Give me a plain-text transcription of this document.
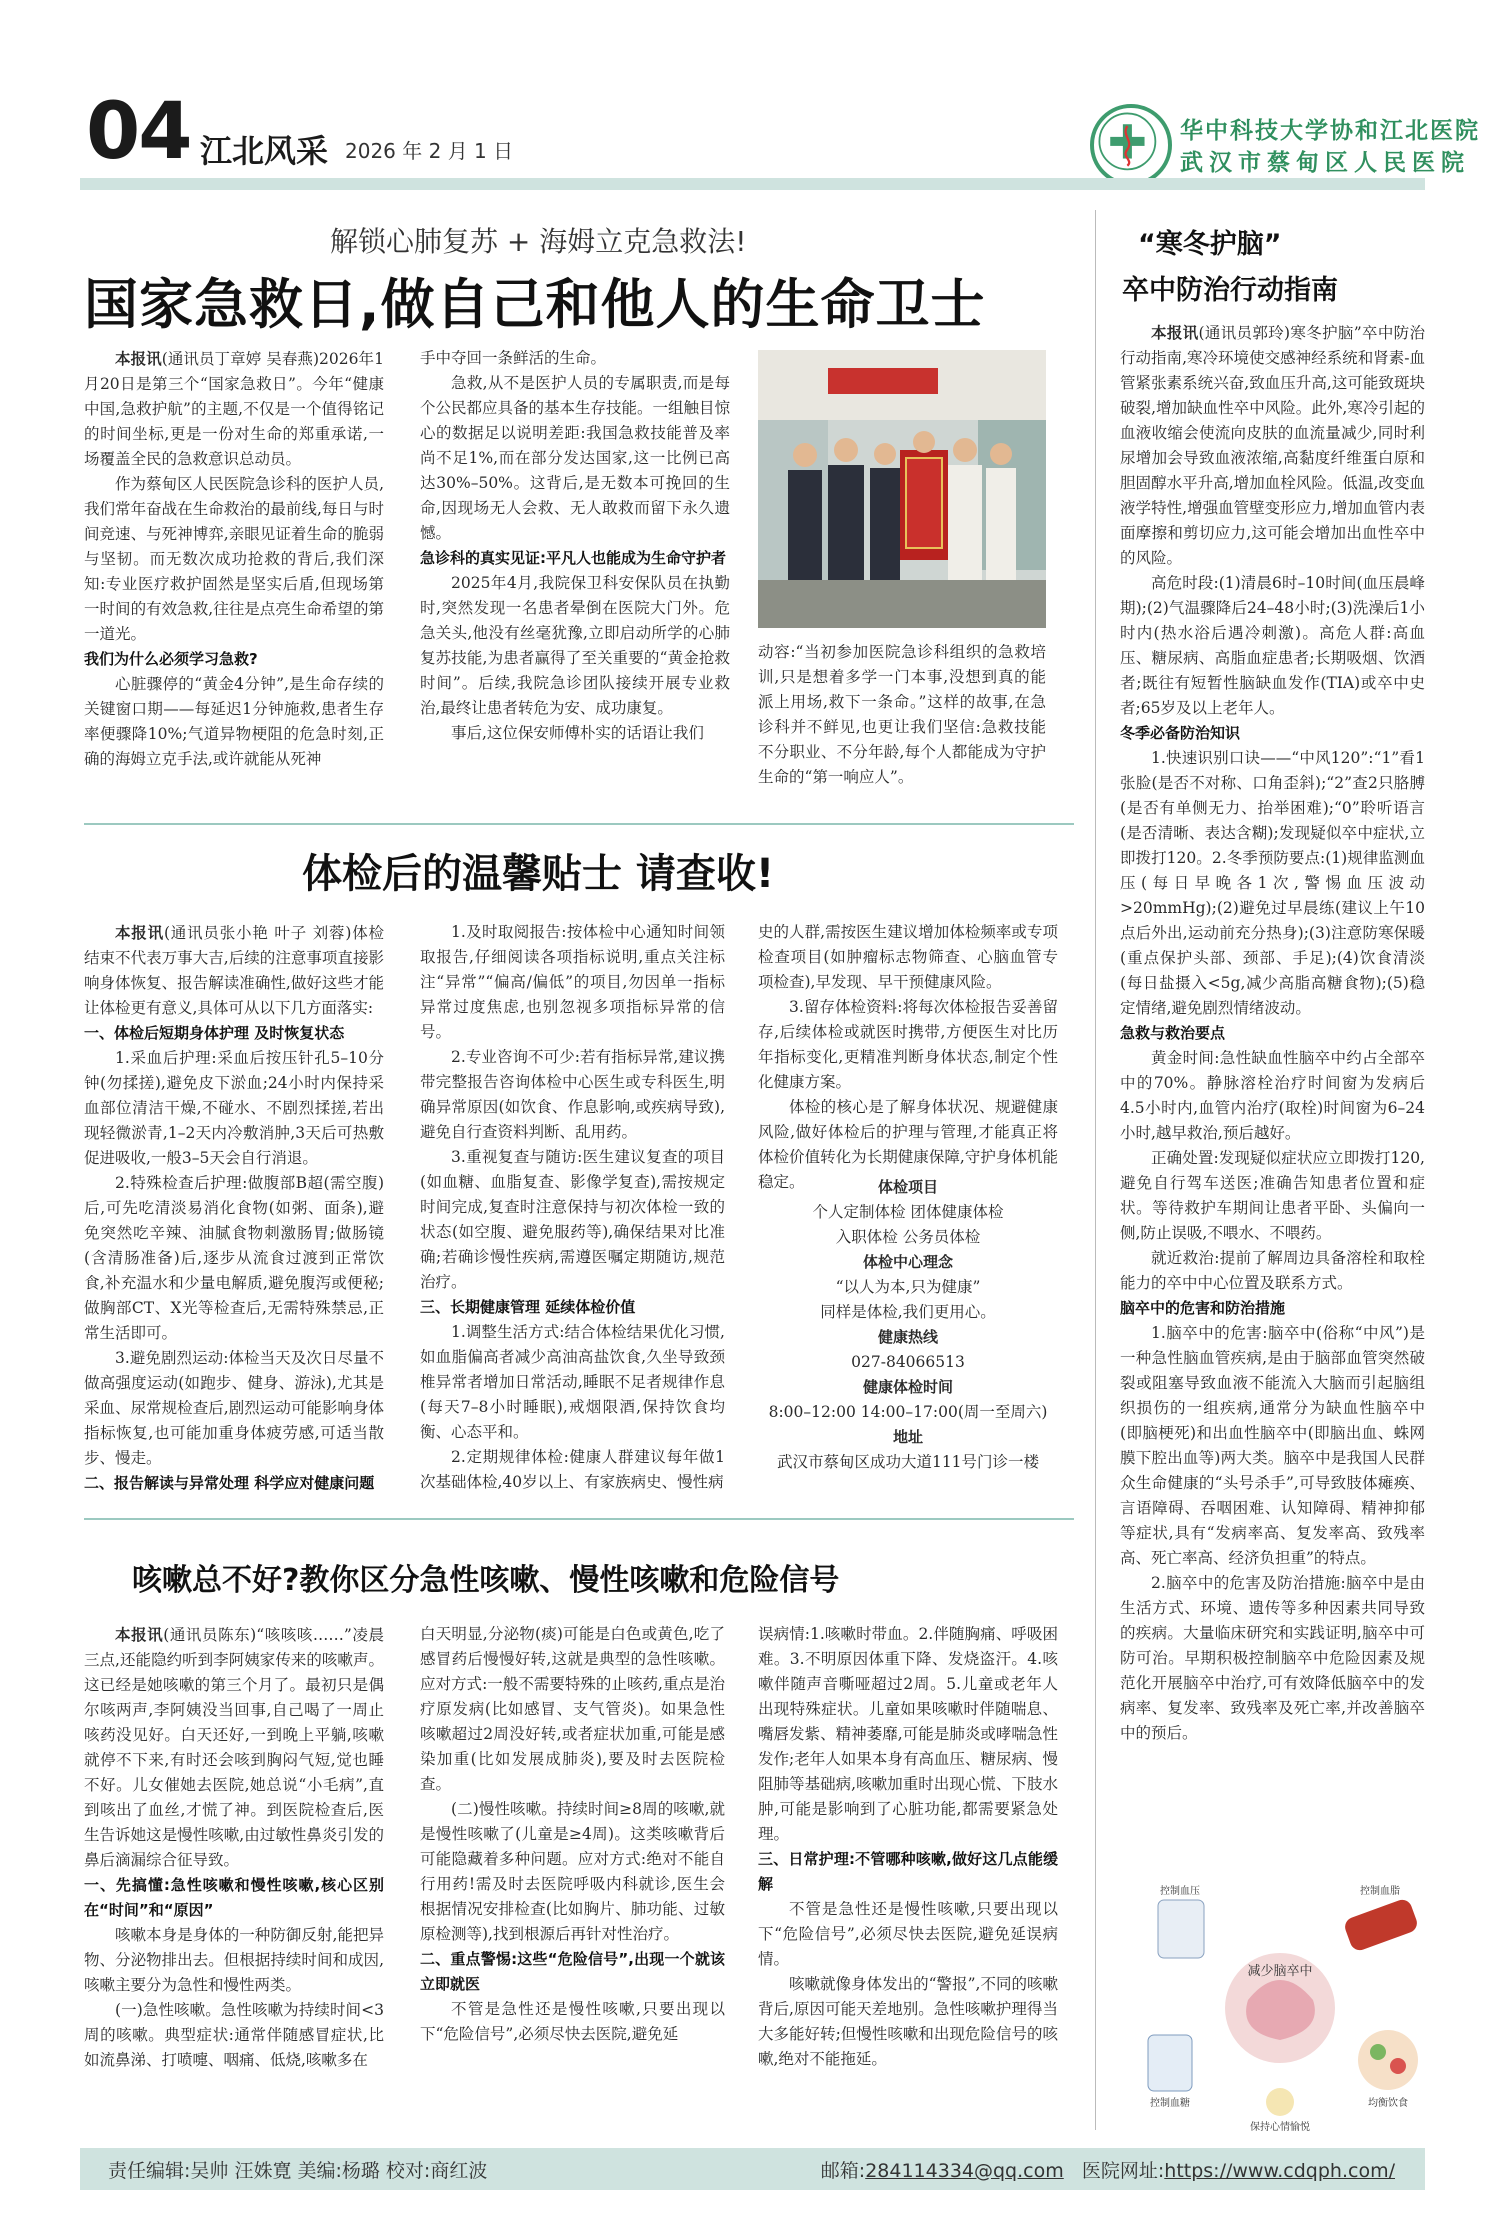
04 江北风采 2026 年 2 月 1 日
华中科技大学协和江北医院
武汉市蔡甸区人民医院
解锁心肺复苏 + 海姆立克急救法!
国家急救日,做自己和他人的生命卫士

本报讯(通讯员丁章婷 吴春燕)2026年1月20日是第三个“国家急救日”。今年“健康中国,急救护航”的主题,不仅是一个值得铭记的时间坐标,更是一份对生命的郑重承诺,一场覆盖全民的急救意识总动员。

作为蔡甸区人民医院急诊科的医护人员,我们常年奋战在生命救治的最前线,每日与时间竞速、与死神博弈,亲眼见证着生命的脆弱与坚韧。而无数次成功抢救的背后,我们深知:专业医疗救护固然是坚实后盾,但现场第一时间的有效急救,往往是点亮生命希望的第一道光。

我们为什么必须学习急救?

心脏骤停的“黄金4分钟”,是生命存续的关键窗口期——每延迟1分钟施救,患者生存率便骤降10%;气道异物梗阻的危急时刻,正确的海姆立克手法,或许就能从死神

手中夺回一条鲜活的生命。

急救,从不是医护人员的专属职责,而是每个公民都应具备的基本生存技能。一组触目惊心的数据足以说明差距:我国急救技能普及率尚不足1%,而在部分发达国家,这一比例已高达30%–50%。这背后,是无数本可挽回的生命,因现场无人会救、无人敢救而留下永久遗憾。

急诊科的真实见证:平凡人也能成为生命守护者

2025年4月,我院保卫科安保队员在执勤时,突然发现一名患者晕倒在医院大门外。危急关头,他没有丝毫犹豫,立即启动所学的心肺复苏技能,为患者赢得了至关重要的“黄金抢救时间”。后续,我院急诊团队接续开展专业救治,最终让患者转危为安、成功康复。

事后,这位保安师傅朴实的话语让我们

动容:“当初参加医院急诊科组织的急救培训,只是想着多学一门本事,没想到真的能派上用场,救下一条命。”这样的故事,在急诊科并不鲜见,也更让我们坚信:急救技能不分职业、不分年龄,每个人都能成为守护生命的“第一响应人”。

“寒冬护脑”
卒中防治行动指南

本报讯(通讯员郭玲)寒冬护脑”卒中防治行动指南,寒冷环境使交感神经系统和肾素-血管紧张素系统兴奋,致血压升高,这可能致斑块破裂,增加缺血性卒中风险。此外,寒冷引起的血液收缩会使流向皮肤的血流量减少,同时利尿增加会导致血液浓缩,高黏度纤维蛋白原和胆固醇水平升高,增加血栓风险。低温,改变血液学特性,增强血管壁变形应力,增加血管内表面摩擦和剪切应力,这可能会增加出血性卒中的风险。

高危时段:(1)清晨6时–10时间(血压晨峰期);(2)气温骤降后24–48小时;(3)洗澡后1小时内(热水浴后遇冷刺激)。高危人群:高血压、糖尿病、高脂血症患者;长期吸烟、饮酒者;既往有短暂性脑缺血发作(TIA)或卒中史者;65岁及以上老年人。

冬季必备防治知识

1.快速识别口诀——“中风120”:“1”看1张脸(是否不对称、口角歪斜);“2”查2只胳膊(是否有单侧无力、抬举困难);“0”聆听语言(是否清晰、表达含糊);发现疑似卒中症状,立即拨打120。2.冬季预防要点:(1)规律监测血压(每日早晚各1次,警惕血压波动>20mmHg);(2)避免过早晨练(建议上午10点后外出,运动前充分热身);(3)注意防寒保暖(重点保护头部、颈部、手足);(4)饮食清淡(每日盐摄入<5g,减少高脂高糖食物);(5)稳定情绪,避免剧烈情绪波动。

急救与救治要点

黄金时间:急性缺血性脑卒中约占全部卒中的70%。静脉溶栓治疗时间窗为发病后4.5小时内,血管内治疗(取栓)时间窗为6–24小时,越早救治,预后越好。

正确处置:发现疑似症状应立即拨打120,避免自行驾车送医;准确告知患者位置和症状。等待救护车期间让患者平卧、头偏向一侧,防止误吸,不喂水、不喂药。

就近救治:提前了解周边具备溶栓和取栓能力的卒中中心位置及联系方式。

脑卒中的危害和防治措施

1.脑卒中的危害:脑卒中(俗称“中风”)是一种急性脑血管疾病,是由于脑部血管突然破裂或阻塞导致血液不能流入大脑而引起脑组织损伤的一组疾病,通常分为缺血性脑卒中(即脑梗死)和出血性脑卒中(即脑出血、蛛网膜下腔出血等)两大类。脑卒中是我国人民群众生命健康的“头号杀手”,可导致肢体瘫痪、言语障碍、吞咽困难、认知障碍、精神抑郁等症状,具有“发病率高、复发率高、致残率高、死亡率高、经济负担重”的特点。

2.脑卒中的危害及防治措施:脑卒中是由生活方式、环境、遗传等多种因素共同导致的疾病。大量临床研究和实践证明,脑卒中可防可治。早期积极控制脑卒中危险因素及规范化开展脑卒中治疗,可有效降低脑卒中的发病率、复发率、致残率及死亡率,并改善脑卒中的预后。

减少脑卒中
控制血压	控制血脂
控制血糖	均衡饮食
保持心情愉悦
体检后的温馨贴士 请查收!

本报讯(通讯员张小艳 叶子 刘蓉)体检结束不代表万事大吉,后续的注意事项直接影响身体恢复、报告解读准确性,做好这些才能让体检更有意义,具体可从以下几方面落实:

一、体检后短期身体护理 及时恢复状态

1.采血后护理:采血后按压针孔5–10分钟(勿揉搓),避免皮下淤血;24小时内保持采血部位清洁干燥,不碰水、不剧烈揉搓,若出现轻微淤青,1–2天内冷敷消肿,3天后可热敷促进吸收,一般3–5天会自行消退。

2.特殊检查后护理:做腹部B超(需空腹)后,可先吃清淡易消化食物(如粥、面条),避免突然吃辛辣、油腻食物刺激肠胃;做肠镜(含清肠准备)后,逐步从流食过渡到正常饮食,补充温水和少量电解质,避免腹泻或便秘;做胸部CT、X光等检查后,无需特殊禁忌,正常生活即可。

3.避免剧烈运动:体检当天及次日尽量不做高强度运动(如跑步、健身、游泳),尤其是采血、尿常规检查后,剧烈运动可能影响身体指标恢复,也可能加重身体疲劳感,可适当散步、慢走。

二、报告解读与异常处理 科学应对健康问题

1.及时取阅报告:按体检中心通知时间领取报告,仔细阅读各项指标说明,重点关注标注“异常”“偏高/偏低”的项目,勿因单一指标异常过度焦虑,也别忽视多项指标异常的信号。

2.专业咨询不可少:若有指标异常,建议携带完整报告咨询体检中心医生或专科医生,明确异常原因(如饮食、作息影响,或疾病导致),避免自行查资料判断、乱用药。

3.重视复查与随访:医生建议复查的项目(如血糖、血脂复查、影像学复查),需按规定时间完成,复查时注意保持与初次体检一致的状态(如空腹、避免服药等),确保结果对比准确;若确诊慢性疾病,需遵医嘱定期随访,规范治疗。

三、长期健康管理 延续体检价值

1.调整生活方式:结合体检结果优化习惯,如血脂偏高者减少高油高盐饮食,久坐导致颈椎异常者增加日常活动,睡眠不足者规律作息(每天7–8小时睡眠),戒烟限酒,保持饮食均衡、心态平和。

2.定期规律体检:健康人群建议每年做1次基础体检,40岁以上、有家族病史、慢性病

史的人群,需按医生建议增加体检频率或专项检查项目(如肿瘤标志物筛查、心脑血管专项检查),早发现、早干预健康风险。

3.留存体检资料:将每次体检报告妥善留存,后续体检或就医时携带,方便医生对比历年指标变化,更精准判断身体状态,制定个性化健康方案。

体检的核心是了解身体状况、规避健康风险,做好体检后的护理与管理,才能真正将体检价值转化为长期健康保障,守护身体机能稳定。	体检项目

个人定制体检 团体健康体检

入职体检 公务员体检

体检中心理念

“以人为本,只为健康”

同样是体检,我们更用心。

健康热线

027-84066513

健康体检时间

8:00–12:00 14:00–17:00(周一至周六)

地址

武汉市蔡甸区成功大道111号门诊一楼

咳嗽总不好?教你区分急性咳嗽、慢性咳嗽和危险信号

本报讯(通讯员陈东)“咳咳咳……”凌晨三点,还能隐约听到李阿姨家传来的咳嗽声。这已经是她咳嗽的第三个月了。最初只是偶尔咳两声,李阿姨没当回事,自己喝了一周止咳药没见好。白天还好,一到晚上平躺,咳嗽就停不下来,有时还会咳到胸闷气短,觉也睡不好。儿女催她去医院,她总说“小毛病”,直到咳出了血丝,才慌了神。到医院检查后,医生告诉她这是慢性咳嗽,由过敏性鼻炎引发的鼻后滴漏综合征导致。

一、先搞懂:急性咳嗽和慢性咳嗽,核心区别在“时间”和“原因”

咳嗽本身是身体的一种防御反射,能把异物、分泌物排出去。但根据持续时间和成因,咳嗽主要分为急性和慢性两类。

(一)急性咳嗽。急性咳嗽为持续时间<3周的咳嗽。典型症状:通常伴随感冒症状,比如流鼻涕、打喷嚏、咽痛、低烧,咳嗽多在

白天明显,分泌物(痰)可能是白色或黄色,吃了感冒药后慢慢好转,这就是典型的急性咳嗽。应对方式:一般不需要特殊的止咳药,重点是治疗原发病(比如感冒、支气管炎)。如果急性咳嗽超过2周没好转,或者症状加重,可能是感染加重(比如发展成肺炎),要及时去医院检查。

(二)慢性咳嗽。持续时间≥8周的咳嗽,就是慢性咳嗽了(儿童是≥4周)。这类咳嗽背后可能隐藏着多种问题。应对方式:绝对不能自行用药!需及时去医院呼吸内科就诊,医生会根据情况安排检查(比如胸片、肺功能、过敏原检测等),找到根源后再针对性治疗。

二、重点警惕:这些“危险信号”,出现一个就该立即就医

不管是急性还是慢性咳嗽,只要出现以下“危险信号”,必须尽快去医院,避免延

误病情:1.咳嗽时带血。2.伴随胸痛、呼吸困难。3.不明原因体重下降、发烧盗汗。4.咳嗽伴随声音嘶哑超过2周。5.儿童或老年人出现特殊症状。儿童如果咳嗽时伴随喘息、嘴唇发紫、精神萎靡,可能是肺炎或哮喘急性发作;老年人如果本身有高血压、糖尿病、慢阻肺等基础病,咳嗽加重时出现心慌、下肢水肿,可能是影响到了心脏功能,都需要紧急处理。

三、日常护理:不管哪种咳嗽,做好这几点能缓解

不管是急性还是慢性咳嗽,只要出现以下“危险信号”,必须尽快去医院,避免延误病情。

咳嗽就像身体发出的“警报”,不同的咳嗽背后,原因可能天差地别。急性咳嗽护理得当大多能好转;但慢性咳嗽和出现危险信号的咳嗽,绝对不能拖延。

责任编辑:吴帅 汪姝寛 美编:杨璐 校对:商红波	邮箱:284114334@qq.com 医院网址:https://www.cdqph.com/
